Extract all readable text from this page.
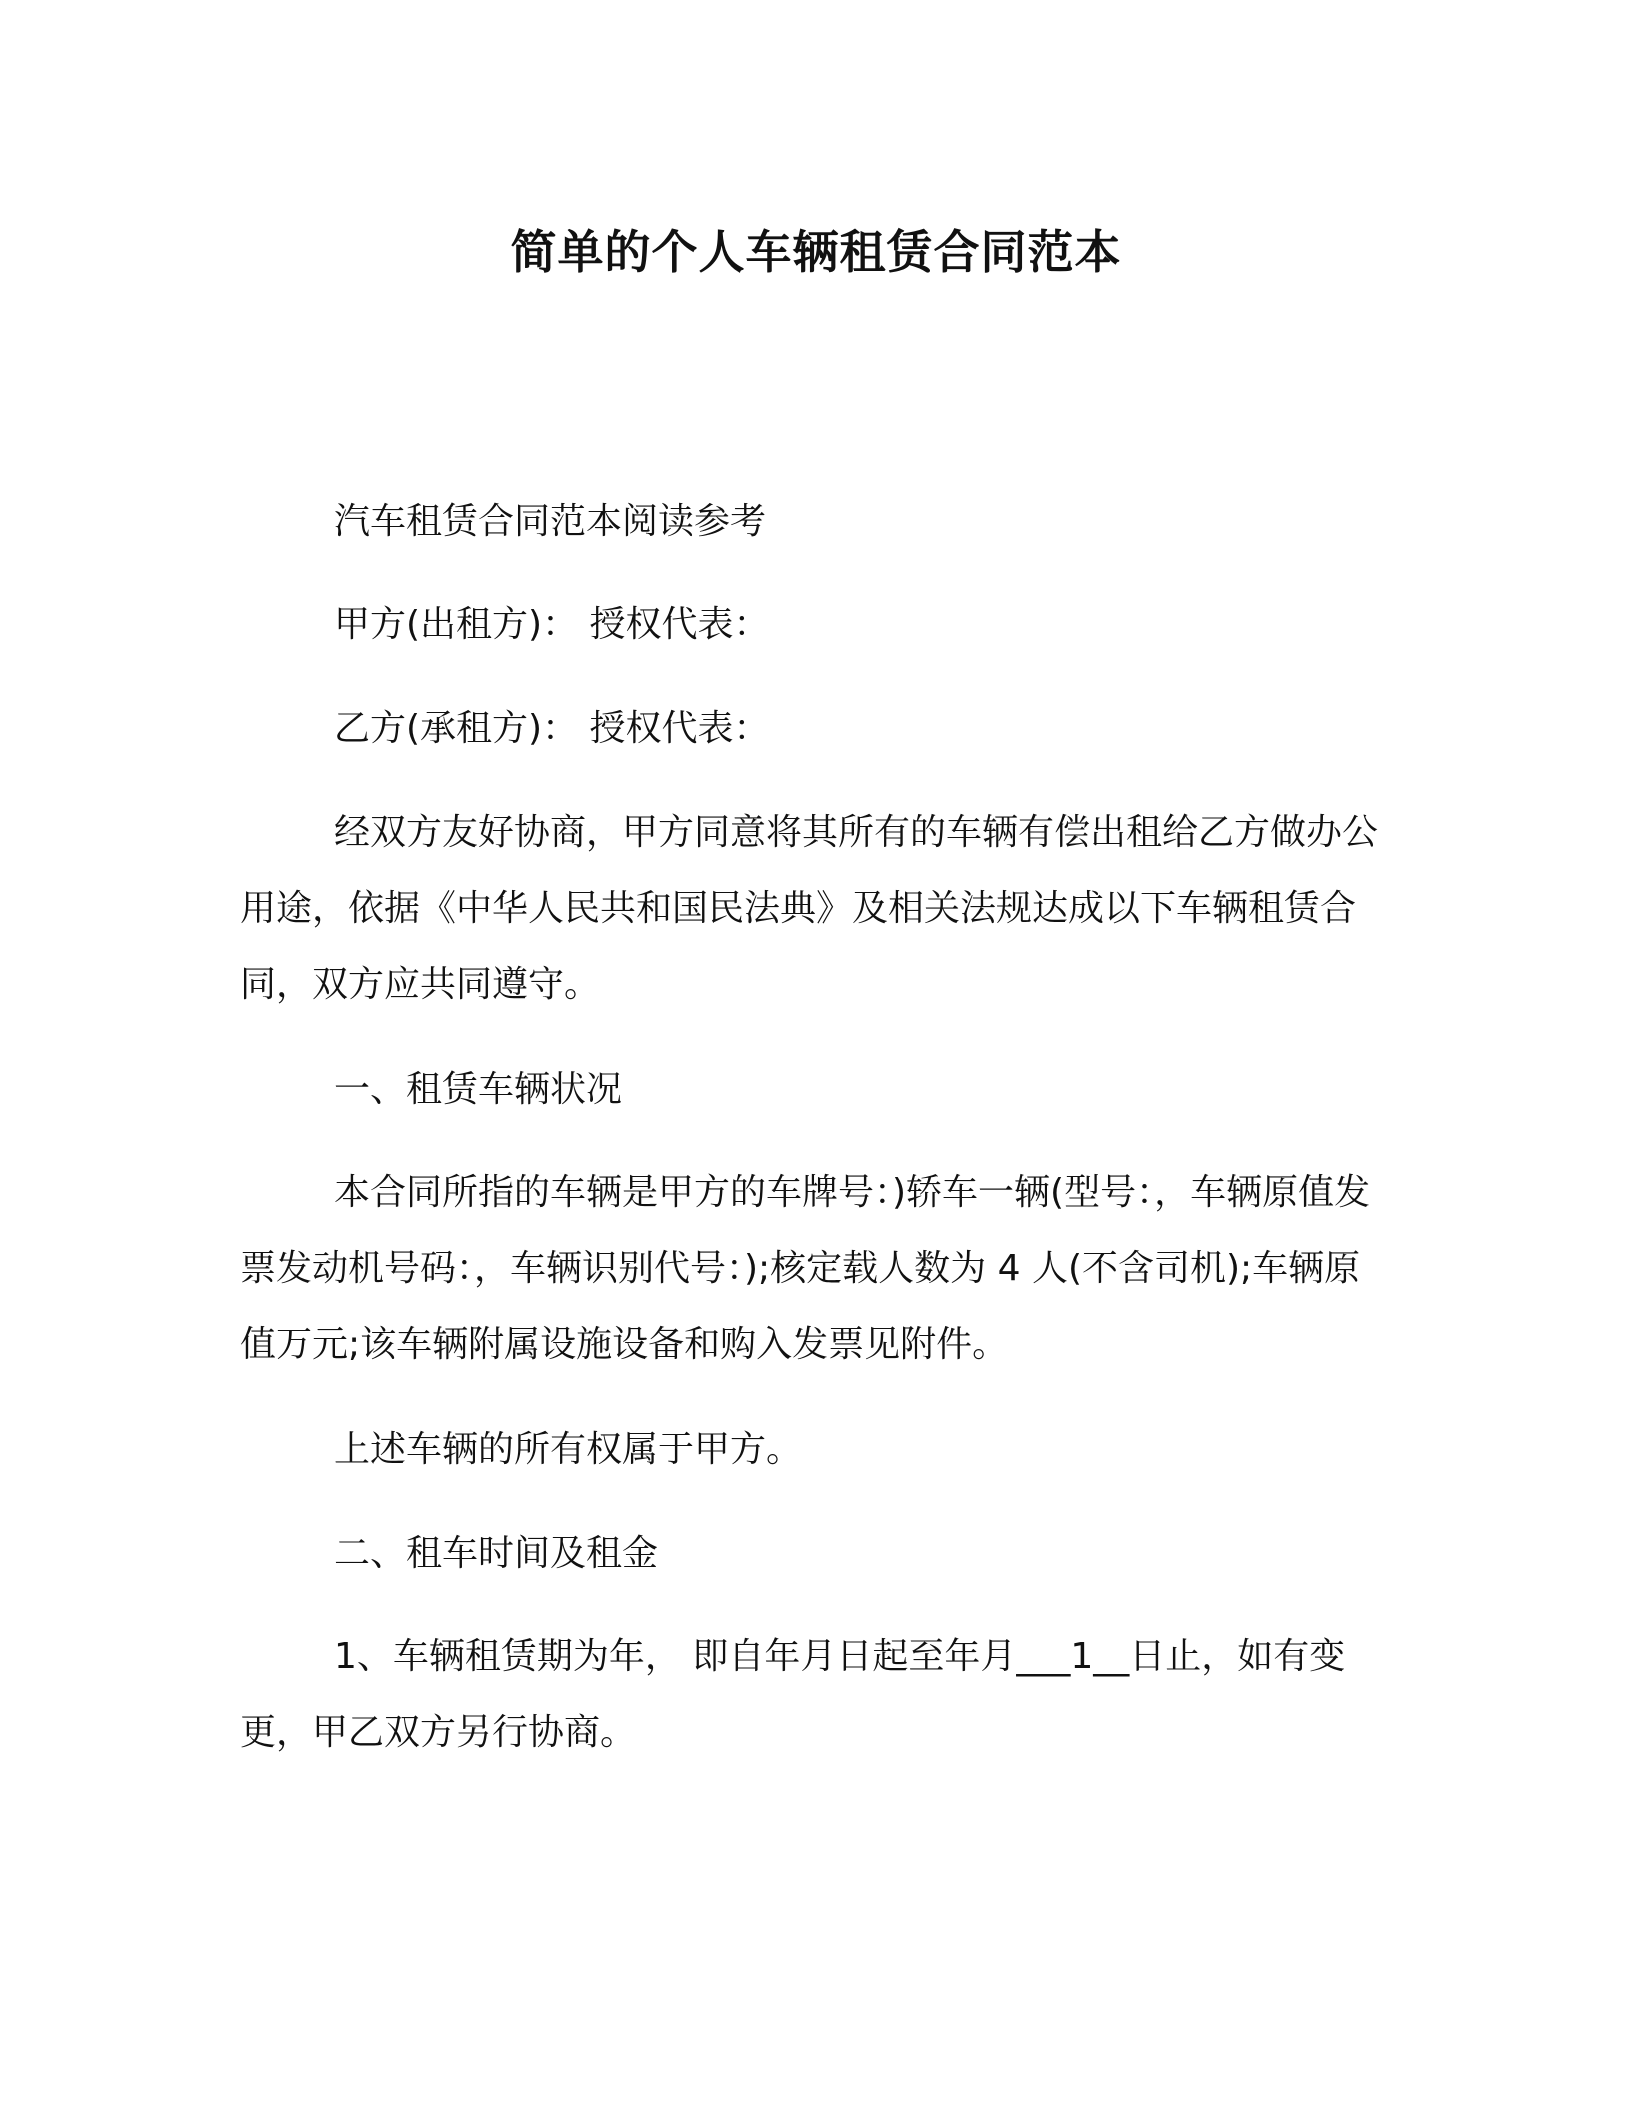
简单的个人车辆租赁合同范本
汽车租赁合同范本阅读参考
甲方(出租方)： 授权代表：
乙方(承租方)： 授权代表：
经双方友好协商，甲方同意将其所有的车辆有偿出租给乙方做办公用途，依据《中华人民共和国民法典》及相关法规达成以下车辆租赁合同，双方应共同遵守。
一、租赁车辆状况
本合同所指的车辆是甲方的车牌号：)轿车一辆(型号：，车辆原值发票发动机号码：，车辆识别代号：);核定载人数为 4 人(不含司机);车辆原值万元;该车辆附属设施设备和购入发票见附件。
上述车辆的所有权属于甲方。
二、租车时间及租金
1、车辆租赁期为年， 即自年月日起至年月___1__日止，如有变更，甲乙双方另行协商。
